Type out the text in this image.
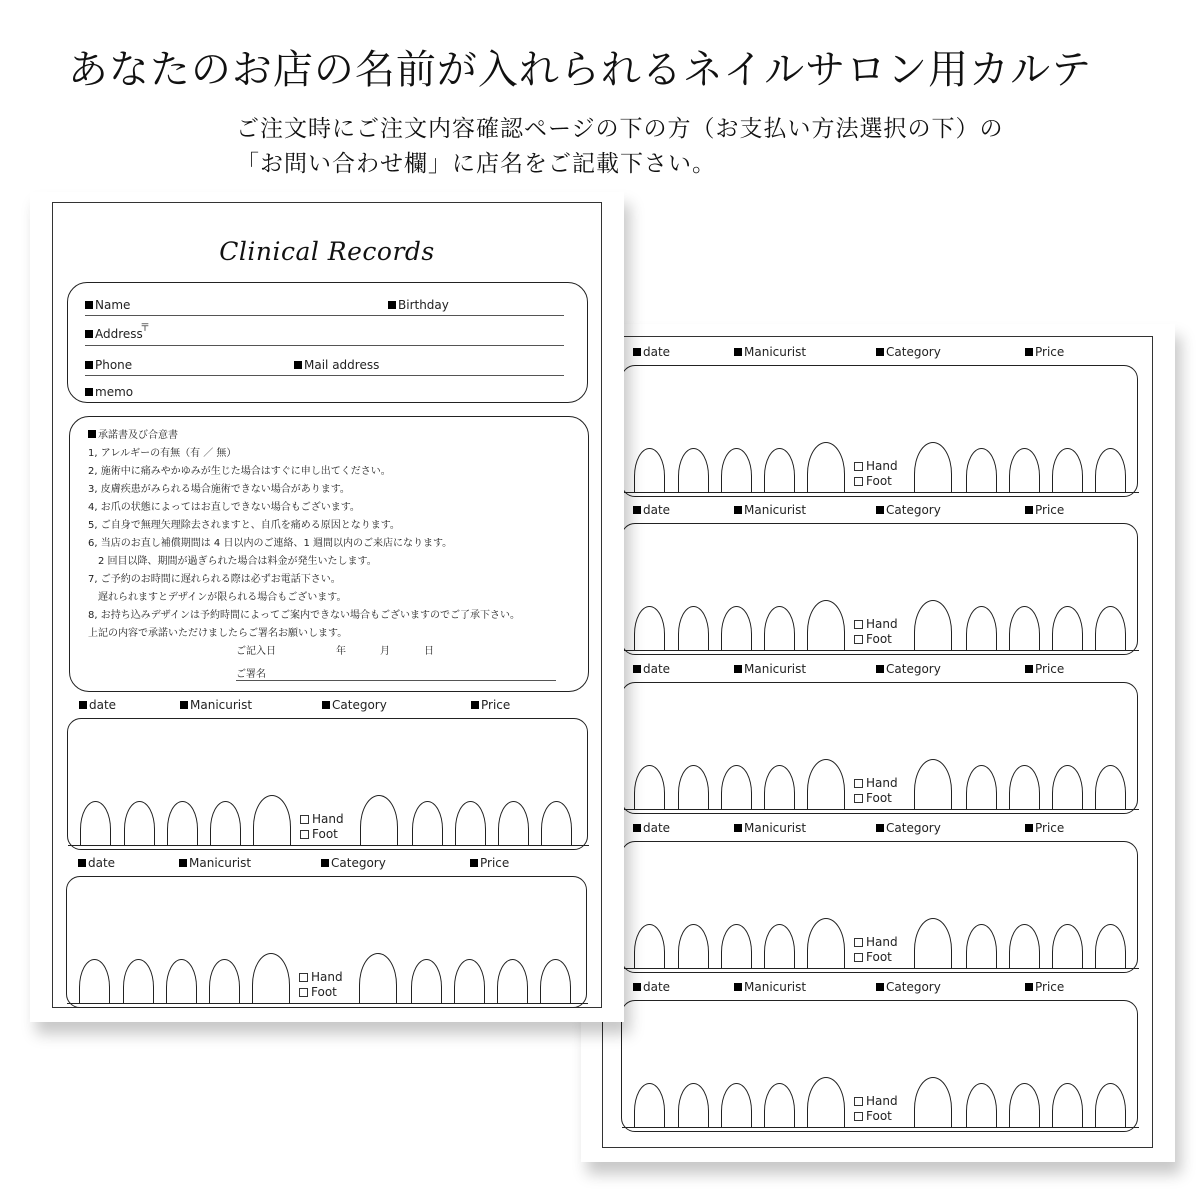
あなたのお店の名前が入れられるネイルサロン用カルテ
ご注文時にご注文内容確認ページの下の方（お支払い方法選択の下）の
「お問い合わせ欄」に店名をご記載下さい。
date	Manicurist	Category	Price
Hand
Foot
date	Manicurist	Category	Price
Hand
Foot
date	Manicurist	Category	Price
Hand
Foot
date	Manicurist	Category	Price
Hand
Foot
date	Manicurist	Category	Price
Hand
Foot
Clinical Records
Name	Birthday
Address
〒
Phone	Mail address
memo
承諾書及び合意書
ご記入日	年	月	日
ご署名
1, アレルギーの有無（有 ／ 無）
2, 施術中に痛みやかゆみが生じた場合はすぐに申し出てください。
3, 皮膚疾患がみられる場合施術できない場合があります。
4, お爪の状態によってはお直しできない場合もございます。
5, ご自身で無理矢理除去されますと、自爪を痛める原因となります。
6, 当店のお直し補償期間は 4 日以内のご連絡、1 週間以内のご来店になります。
　2 回目以降、期間が過ぎられた場合は料金が発生いたします。
7, ご予約のお時間に遅れられる際は必ずお電話下さい。
　遅れられますとデザインが限られる場合もございます。
8, お持ち込みデザインは予約時間によってご案内できない場合もございますのでご了承下さい。
上記の内容で承諾いただけましたらご署名お願いします。
date	Manicurist	Category	Price
Hand
Foot
date	Manicurist	Category	Price
Hand
Foot
